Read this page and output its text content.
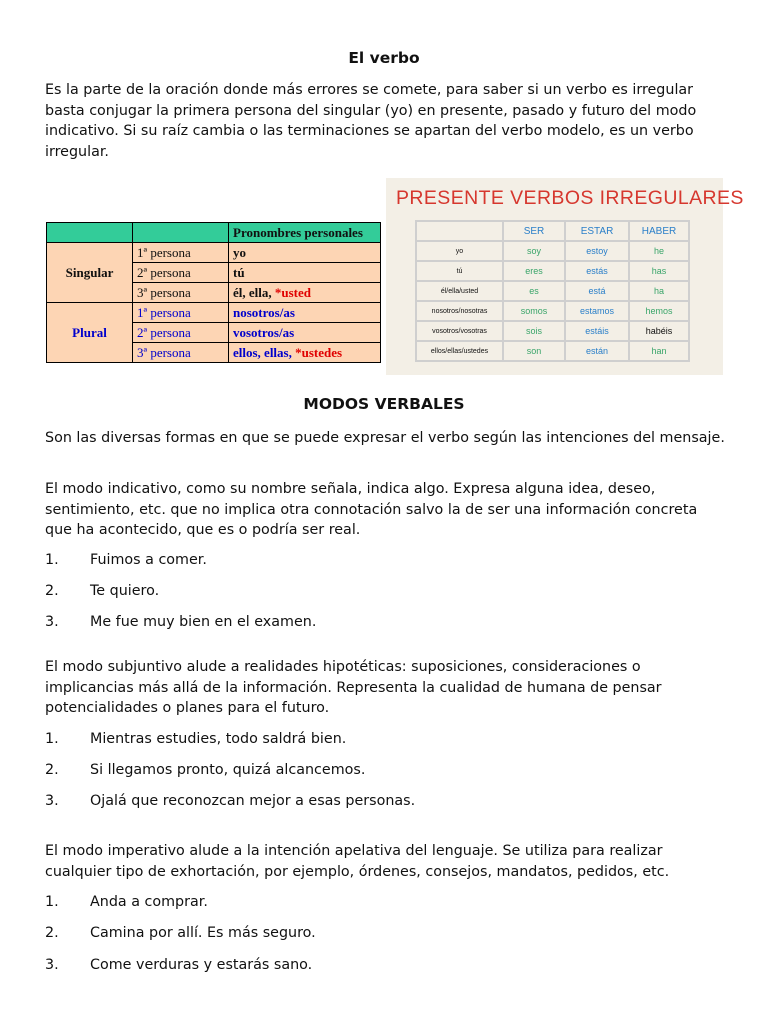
El verbo

Es la parte de la oración donde más errores se comete, para saber si un verbo es irregular basta conjugar la primera persona del singular (yo) en presente, pasado y futuro del modo indicativo. Si su raíz cambia o las terminaciones se apartan del verbo modelo, es un verbo irregular.

		Pronombres personales
Singular	1ª persona	yo
	2ª persona	tú
	3ª persona	él, ella, *usted
Plural	1ª persona	nosotros/as
	2ª persona	vosotros/as
	3ª persona	ellos, ellas, *ustedes
PRESENTE VERBOS IRREGULARES
	SER	ESTAR	HABER
yo	soy	estoy	he
tú	eres	estás	has
él/ella/usted	es	está	ha
nosotros/nosotras	somos	estamos	hemos
vosotros/vosotras	sois	estáis	habéis
ellos/ellas/ustedes	son	están	han
MODOS VERBALES

Son las diversas formas en que se puede expresar el verbo según las intenciones del mensaje.

El modo indicativo, como su nombre señala, indica algo. Expresa alguna idea, deseo, sentimiento, etc. que no implica otra connotación salvo la de ser una información concreta que ha acontecido, que es o podría ser real.

1. Fuimos a comer.
2. Te quiero.
3. Me fue muy bien en el examen.

El modo subjuntivo alude a realidades hipotéticas: suposiciones, consideraciones o implicancias más allá de la información. Representa la cualidad de humana de pensar potencialidades o planes para el futuro.

1. Mientras estudies, todo saldrá bien.
2. Si llegamos pronto, quizá alcancemos.
3. Ojalá que reconozcan mejor a esas personas.

El modo imperativo alude a la intención apelativa del lenguaje. Se utiliza para realizar cualquier tipo de exhortación, por ejemplo, órdenes, consejos, mandatos, pedidos, etc.

1. Anda a comprar.
2. Camina por allí. Es más seguro.
3. Come verduras y estarás sano.
